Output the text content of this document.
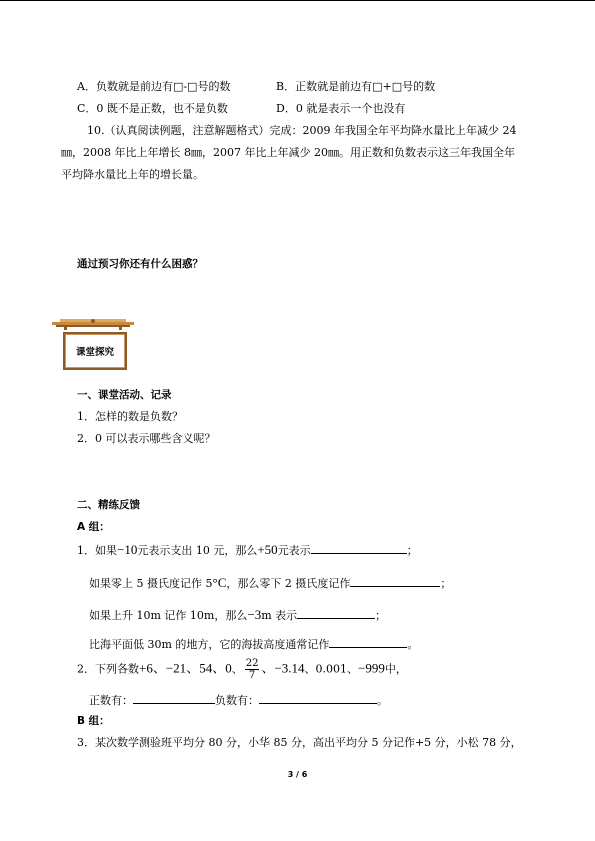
A．负数就是前边有□-□号的数	B．正数就是前边有□+□号的数
C．0 既不是正数，也不是负数	D．0 就是表示一个也没有
10.（认真阅读例题，注意解题格式）完成：2009 年我国全年平均降水量比上年减少 24
㎜，2008 年比上年增长 8㎜，2007 年比上年减少 20㎜。用正数和负数表示这三年我国全年
平均降水量比上年的增长量。
通过预习你还有什么困惑？
课堂探究
一、课堂活动、记录
1．怎样的数是负数？
2．0 可以表示哪些含义呢？
二、精练反馈
A 组：
1．如果−10元表示支出 10 元，那么+50元表示	；
如果零上 5 摄氏度记作 5°C，那么零下 2 摄氏度记作	；
如果上升 10m 记作 10m，那么−3m 表示	；
比海平面低 30m 的地方，它的海拔高度通常记作	。
2．下列各数+6、−21、54、0、 $\frac{22}{7}$ 、−3.14、0.001、−999中，
正数有：	负数有：	。
B 组：
3．某次数学测验班平均分 80 分，小华 85 分，高出平均分 5 分记作+5 分，小松 78 分，
3 / 6
